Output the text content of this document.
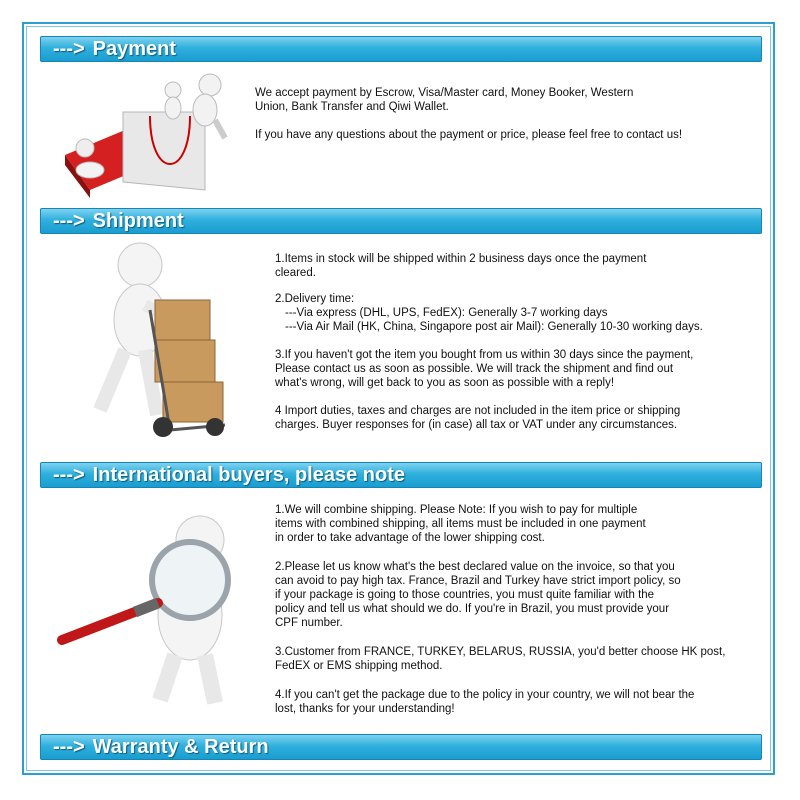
---> Payment

We accept payment by Escrow, Visa/Master card, Money Booker, Western

Union, Bank Transfer and Qiwi Wallet.

If you have any questions about the payment or price, please feel free to contact us!

---> Shipment

1.Items in stock will be shipped within 2 business days once the payment

cleared.

2.Delivery time:

---Via express (DHL, UPS, FedEX): Generally 3-7 working days

---Via Air Mail (HK, China, Singapore post air Mail): Generally 10-30 working days.

3.If you haven't got the item you bought from us within 30 days since the payment,

Please contact us as soon as possible. We will track the shipment and find out

what's wrong, will get back to you as soon as possible with a reply!

4 Import duties, taxes and charges are not included in the item price or shipping

charges. Buyer responses for (in case) all tax or VAT under any circumstances.

---> International buyers, please note

1.We will combine shipping. Please Note: If you wish to pay for multiple

items with combined shipping, all items must be included in one payment

in order to take advantage of the lower shipping cost.

2.Please let us know what's the best declared value on the invoice, so that you

can avoid to pay high tax. France, Brazil and Turkey have strict import policy, so

if your package is going to those countries, you must quite familiar with the

policy and tell us what should we do. If you're in Brazil, you must provide your

CPF number.

3.Customer from FRANCE, TURKEY, BELARUS, RUSSIA, you'd better choose HK post,

FedEX or EMS shipping method.

4.If you can't get the package due to the policy in your country, we will not bear the

lost, thanks for your understanding!

---> Warranty & Return
